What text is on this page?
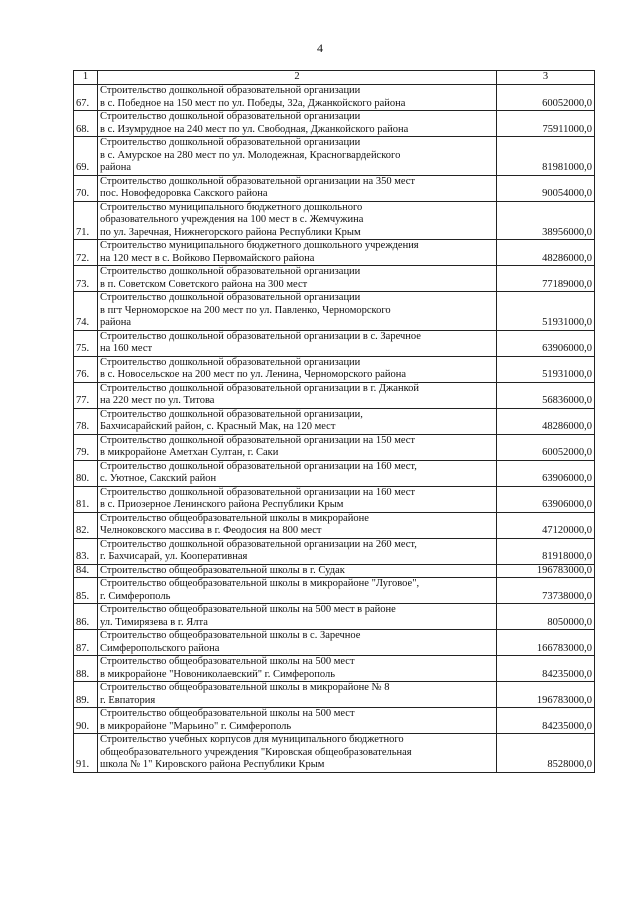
4
1	2	3
67.	Строительство дошкольной образовательной организации
в с. Победное на 150 мест по ул. Победы, 32а, Джанкойского района	60052000,0
68.	Строительство дошкольной образовательной организации
в с. Изумрудное на 240 мест по ул. Свободная, Джанкойского района	75911000,0
69.	Строительство дошкольной образовательной организации
в с. Амурское на 280 мест по ул. Молодежная, Красногвардейского
района	81981000,0
70.	Строительство дошкольной образовательной организации на 350 мест
пос. Новофедоровка Сакского района	90054000,0
71.	Строительство муниципального бюджетного дошкольного
образовательного учреждения на 100 мест в с. Жемчужина
по ул. Заречная, Нижнегорского района Республики Крым	38956000,0
72.	Строительство муниципального бюджетного дошкольного учреждения
на 120 мест в с. Войково Первомайского района	48286000,0
73.	Строительство дошкольной образовательной организации
в п. Советском Советского района на 300 мест	77189000,0
74.	Строительство дошкольной образовательной организации
в пгт Черноморское на 200 мест по ул. Павленко, Черноморского
района	51931000,0
75.	Строительство дошкольной образовательной организации в с. Заречное
на 160 мест	63906000,0
76.	Строительство дошкольной образовательной организации
в с. Новосельское на 200 мест по ул. Ленина, Черноморского района	51931000,0
77.	Строительство дошкольной образовательной организации в г. Джанкой
на 220 мест по ул. Титова	56836000,0
78.	Строительство дошкольной образовательной организации,
Бахчисарайский район, с. Красный Мак, на 120 мест	48286000,0
79.	Строительство дошкольной образовательной организации на 150 мест
в микрорайоне Аметхан Султан, г. Саки	60052000,0
80.	Строительство дошкольной образовательной организации на 160 мест,
с. Уютное, Сакский район	63906000,0
81.	Строительство дошкольной образовательной организации на 160 мест
в с. Приозерное Ленинского района Республики Крым	63906000,0
82.	Строительство общеобразовательной школы в микрорайоне
Челноковского массива в г. Феодосия на 800 мест	47120000,0
83.	Строительство дошкольной образовательной организации на 260 мест,
г. Бахчисарай, ул. Кооперативная	81918000,0
84.	Строительство общеобразовательной школы в г. Судак	196783000,0
85.	Строительство общеобразовательной школы в микрорайоне "Луговое",
г. Симферополь	73738000,0
86.	Строительство общеобразовательной школы на 500 мест в районе
ул. Тимирязева в г. Ялта	8050000,0
87.	Строительство общеобразовательной школы в с. Заречное
Симферопольского района	166783000,0
88.	Строительство общеобразовательной школы на 500 мест
в микрорайоне "Новониколаевский" г. Симферополь	84235000,0
89.	Строительство общеобразовательной школы в микрорайоне № 8
г. Евпатория	196783000,0
90.	Строительство общеобразовательной школы на 500 мест
в микрорайоне "Марьино" г. Симферополь	84235000,0
91.	Строительство учебных корпусов для муниципального бюджетного
общеобразовательного учреждения "Кировская общеобразовательная
школа № 1" Кировского района Республики Крым	8528000,0
